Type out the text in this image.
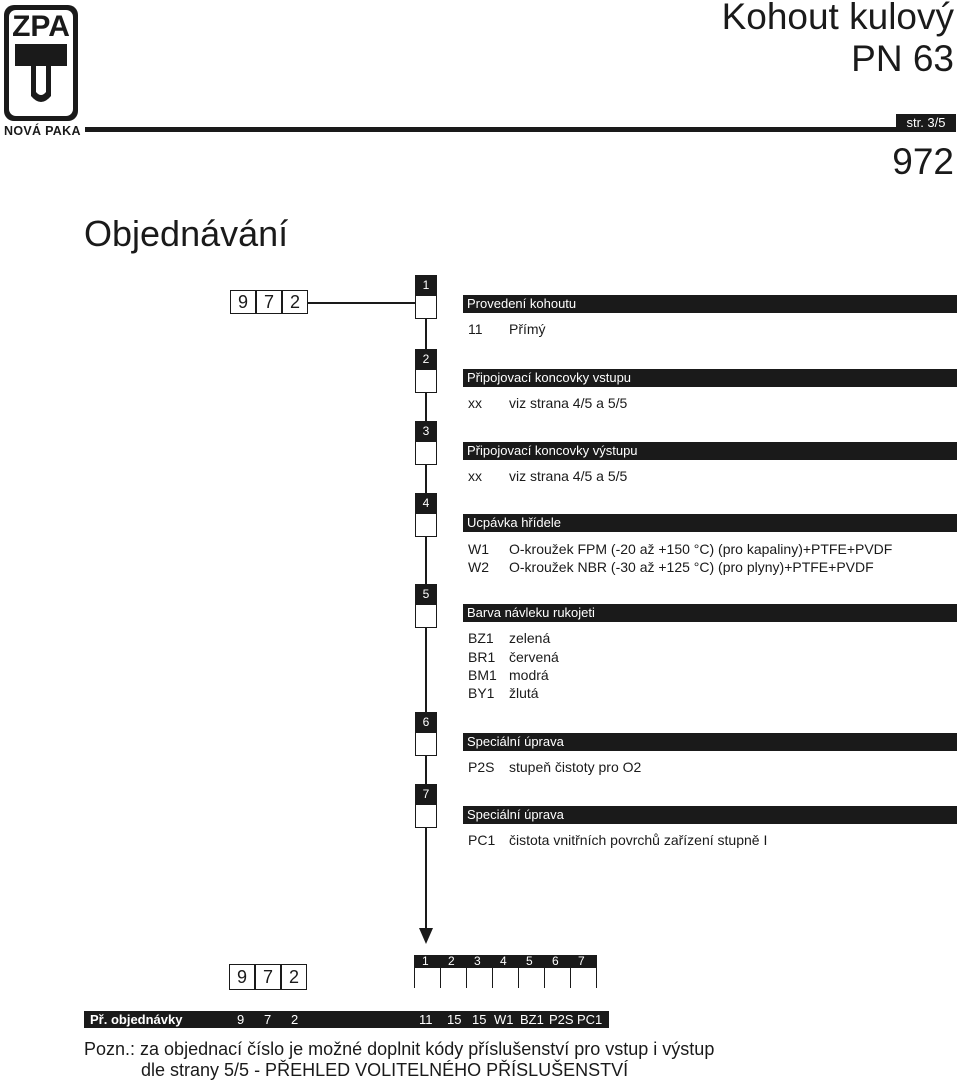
ZPA
NOVÁ PAKA
Kohout kulový
PN 63
str. 3/5
972
Objednávání
9 7 2
1
Provedení kohoutu
11 Přímý
2
Připojovací koncovky vstupu
xx viz strana 4/5 a 5/5
3
Připojovací koncovky výstupu
xx viz strana 4/5 a 5/5
4
Ucpávka hřídele
W1 O-kroužek FPM (-20 až +150 °C) (pro kapaliny)+PTFE+PVDF
W2 O-kroužek NBR (-30 až +125 °C) (pro plyny)+PTFE+PVDF
5
Barva návleku rukojeti
BZ1 zelená
BR1 červená
BM1 modrá
BY1 žlutá
6
Speciální úprava
P2S stupeň čistoty pro O2
7
Speciální úprava
PC1 čistota vnitřních povrchů zařízení stupně I
9 7 2
1 2 3 4 5 6 7
Př. objednávky	9 7 2	11 15 15 W1 BZ1 P2S PC1
Pozn.: za objednací číslo je možné doplnit kódy příslušenství pro vstup i výstup
dle strany 5/5 - PŘEHLED VOLITELNÉHO PŘÍSLUŠENSTVÍ
